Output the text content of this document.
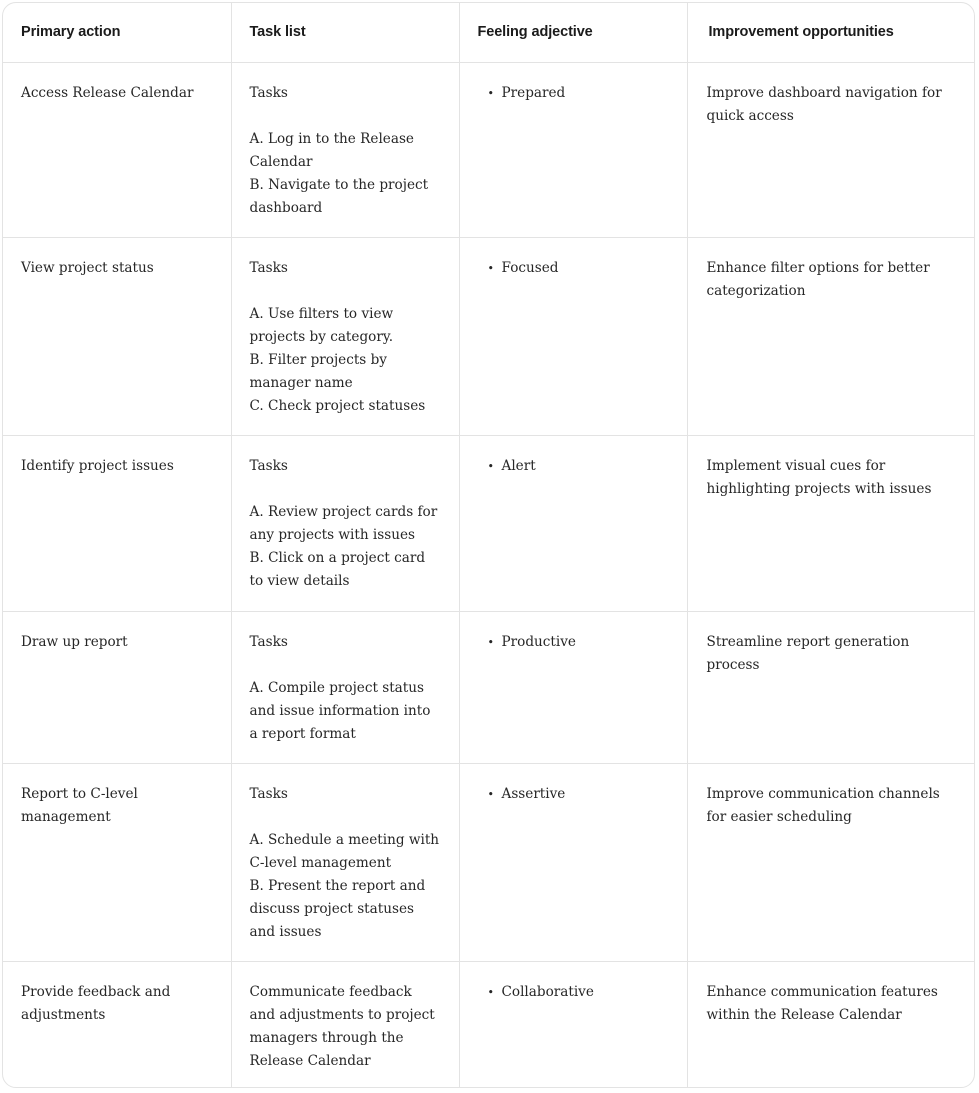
Primary action	Task list	Feeling adjective	Improvement opportunities
Access Release Calendar	Tasks
A. Log in to the Release Calendar
B. Navigate to the project dashboard	• Prepared	Improve dashboard navigation for quick access
View project status	Tasks
A. Use filters to view projects by category.
B. Filter projects by manager name
C. Check project statuses	• Focused	Enhance filter options for better categorization
Identify project issues	Tasks
A. Review project cards for any projects with issues
B. Click on a project card to view details	• Alert	Implement visual cues for highlighting projects with issues
Draw up report	Tasks
A. Compile project status and issue information into a report format	• Productive	Streamline report generation process
Report to C-level management	Tasks
A. Schedule a meeting with C-level management
B. Present the report and discuss project statuses and issues	• Assertive	Improve communication channels for easier scheduling
Provide feedback and adjustments	Communicate feedback and adjustments to project managers through the Release Calendar	• Collaborative	Enhance communication features within the Release Calendar
